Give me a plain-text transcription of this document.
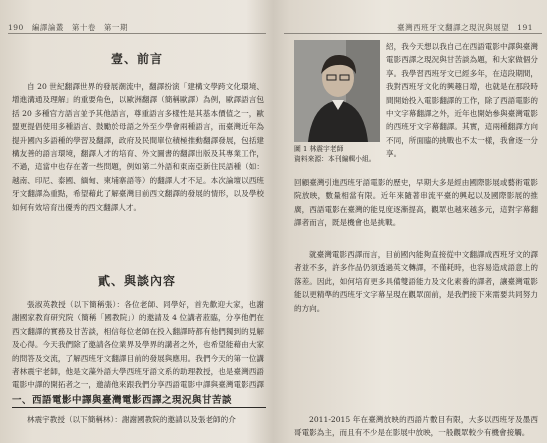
190　編譯論叢　第十卷　第一期
壹、前言
自 20 世紀翻譯世界的發展潮流中，翻譯扮演「建構文學跨文化環境、增進溝通及理解」的重要角色，以歐洲翻譯（簡稱歐譯）為例，歐譯語言包括 20 多種官方語言並予其他語言，尊重語言多樣性是其基本價值之一，歐盟更提倡使用多種語言、鼓勵於母語之外至少學會兩種語言，而臺灣近年為提升國內多語種的學習及翻譯，政府及民間單位積極推動翻譯發展，包括建構友善的語言環境，翻譯人才的培育、外文圖書的翻譯出版及其專業工作，不過，這當中也存在著一些問題，例如第二外語和東南亞新住民語種（如：越南、印尼、泰國、緬甸、柬埔寨語等）的翻譯人才不足。本次論壇以西班牙文翻譯為重點，希望藉此了解臺灣目前西文翻譯的發展的情形，以及學校如何有效培育出優秀的西文翻譯人才。
貳、與談內容
張淑英教授（以下簡稱張）：各位老師、同學好，首先歡迎大家，也謝謝國家教育研究院（簡稱「國教院」）的邀請及 4 位講者蒞臨，分享他們在西文翻譯的實務及甘苦談，相信每位老師在投入翻譯時都有他們獨到的見解及心得。今天我們除了邀請各位業界及學界的講者之外，也希望能藉由大家的問答及交流，了解西班牙文翻譯目前的發展與應用。我們今天的第一位講者林震宇老師，他是文藻外語大學西班牙語文系的助理教授，也是臺灣西語電影中譯的開拓者之一，邀請他來跟我們分享西語電影中譯與臺灣電影西譯
一、西語電影中譯與臺灣電影西譯之現況與甘苦談
林震宇教授（以下簡稱林）：謝謝國教院的邀請以及張老師的介
臺灣西班牙文翻譯之現況與展望　191
圖 1 林震宇老師
資料來源：本刊編輯小組。
紹，我今天想以我自己在西語電影中譯與臺灣電影西譯之現況與甘苦談為題，和大家做個分享。我學習西班牙文已經多年，在這段期間，我對西班牙文化的興趣日增，也就是在那段時間開始投入電影翻譯的工作，除了西語電影的中文字幕翻譯之外，近年也開始參與臺灣電影的西班牙文字幕翻譯。其實，這兩種翻譯方向不同，所面臨的挑戰也不太一樣，我會逐一分享。
回顧臺灣引進西班牙語電影的歷史，早期大多是經由國際影展或藝術電影院放映，數量相當有限。近年來隨著串流平臺的興起以及國際影展的推廣，西語電影在臺灣的能見度逐漸提高，觀眾也越來越多元，這對字幕翻譯者而言，既是機會也是挑戰。
就臺灣電影西譯而言，目前國內能夠直接從中文翻譯成西班牙文的譯者並不多，許多作品仍須透過英文轉譯，不僅耗時，也容易造成語意上的落差。因此，如何培育更多具備雙語能力及文化素養的譯者，讓臺灣電影能以更精準的西班牙文字幕呈現在觀眾面前，是我們接下來需要共同努力的方向。
2011-2015 年在臺灣放映的西語片數目有限，大多以西班牙及墨西哥電影為主，而且有不少是在影展中放映，一般觀眾較少有機會接觸。
